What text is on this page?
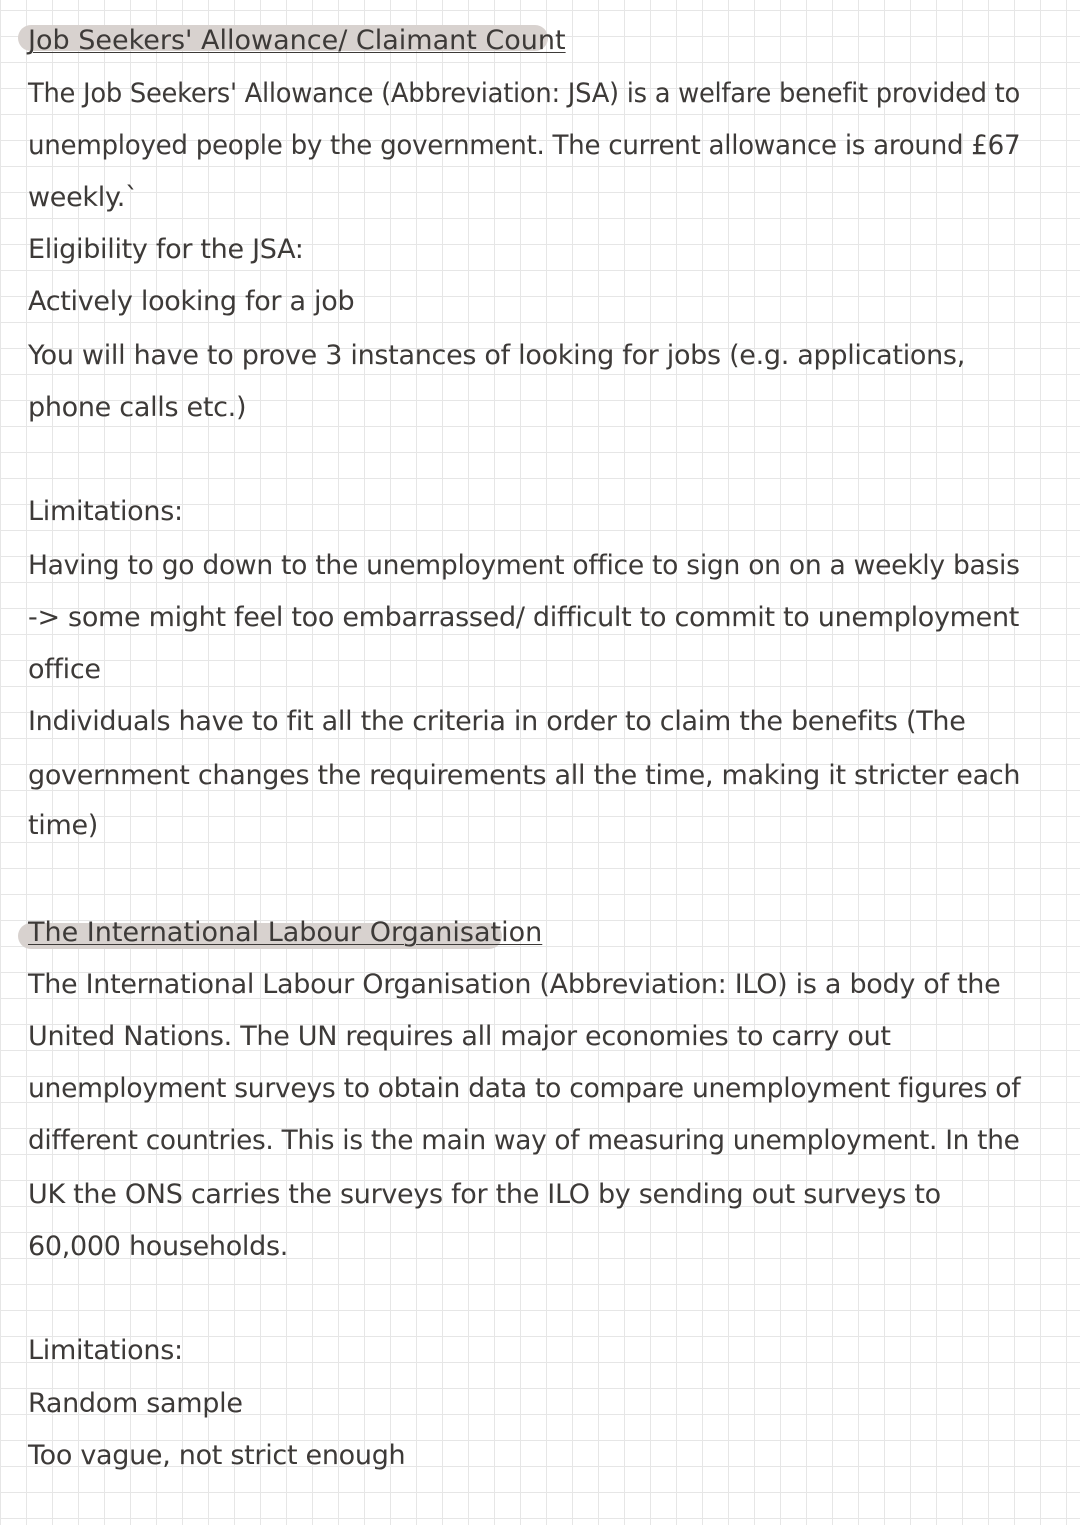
Job Seekers' Allowance/ Claimant Count
The Job Seekers' Allowance (Abbreviation: JSA) is a welfare benefit provided to
unemployed people by the government. The current allowance is around £67
weekly.`
Eligibility for the JSA:
Actively looking for a job
You will have to prove 3 instances of looking for jobs (e.g. applications,
phone calls etc.)
Limitations:
Having to go down to the unemployment office to sign on on a weekly basis
-> some might feel too embarrassed/ difficult to commit to unemployment
office
Individuals have to fit all the criteria in order to claim the benefits (The
government changes the requirements all the time, making it stricter each
time)
The International Labour Organisation
The International Labour Organisation (Abbreviation: ILO) is a body of the
United Nations. The UN requires all major economies to carry out
unemployment surveys to obtain data to compare unemployment figures of
different countries. This is the main way of measuring unemployment. In the
UK the ONS carries the surveys for the ILO by sending out surveys to
60,000 households.
Limitations:
Random sample
Too vague, not strict enough
